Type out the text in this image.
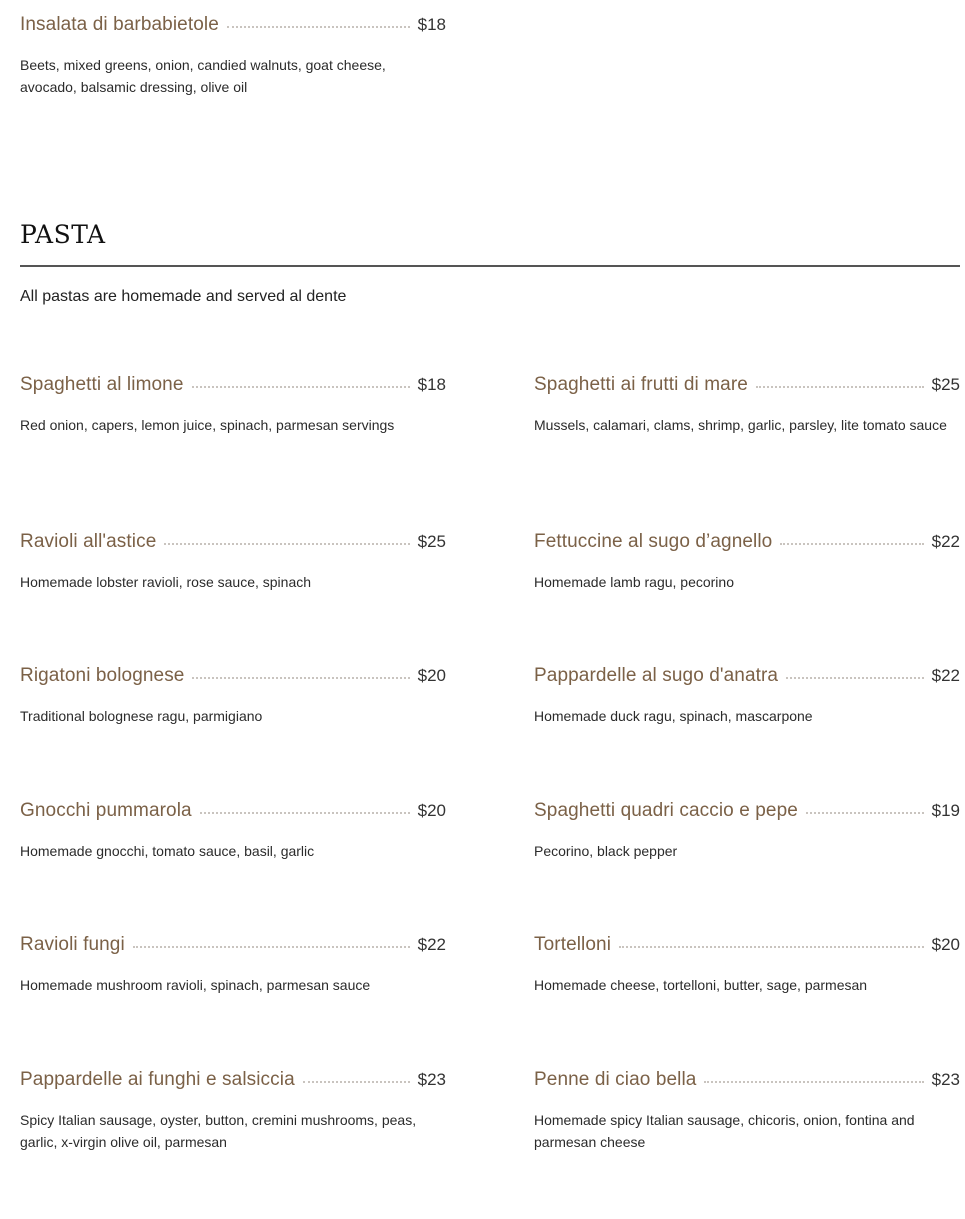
Insalata di barbabietole	$18
Beets, mixed greens, onion, candied walnuts, goat cheese, avocado, balsamic dressing, olive oil
PASTA
All pastas are homemade and served al dente
Spaghetti al limone	$18
Red onion, capers, lemon juice, spinach, parmesan servings
Spaghetti ai frutti di mare	$25
Mussels, calamari, clams, shrimp, garlic, parsley, lite tomato sauce
Ravioli all'astice	$25
Homemade lobster ravioli, rose sauce, spinach
Fettuccine al sugo d’agnello	$22
Homemade lamb ragu, pecorino
Rigatoni bolognese	$20
Traditional bolognese ragu, parmigiano
Pappardelle al sugo d'anatra	$22
Homemade duck ragu, spinach, mascarpone
Gnocchi pummarola	$20
Homemade gnocchi, tomato sauce, basil, garlic
Spaghetti quadri caccio e pepe	$19
Pecorino, black pepper
Ravioli fungi	$22
Homemade mushroom ravioli, spinach, parmesan sauce
Tortelloni	$20
Homemade cheese, tortelloni, butter, sage, parmesan
Pappardelle ai funghi e salsiccia	$23
Spicy Italian sausage, oyster, button, cremini mushrooms, peas, garlic, x-virgin olive oil, parmesan
Penne di ciao bella	$23
Homemade spicy Italian sausage, chicoris, onion, fontina and parmesan cheese
